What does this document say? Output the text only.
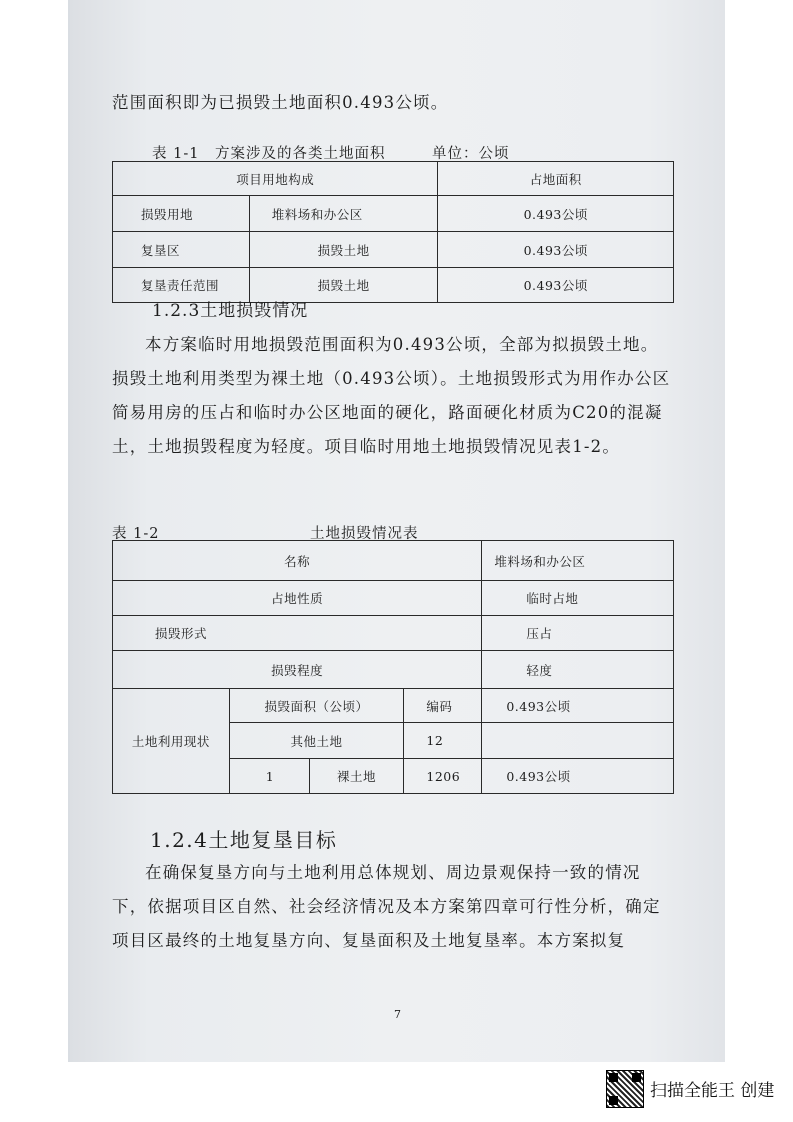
范围面积即为已损毁土地面积0.493公顷。

表 1-1　方案涉及的各类土地面积　　　单位：公顷
项目用地构成		占地面积
损毁用地	堆料场和办公区	0.493公顷
复垦区	损毁土地	0.493公顷
复垦责任范围	损毁土地	0.493公顷
1.2.3土地损毁情况

本方案临时用地损毁范围面积为0.493公顷，全部为拟损毁土地。损毁土地利用类型为裸土地（0.493公顷）。土地损毁形式为用作办公区简易用房的压占和临时办公区地面的硬化，路面硬化材质为C20的混凝土，土地损毁程度为轻度。项目临时用地土地损毁情况见表1-2。

表 1-2	土地损毁情况表
名称				堆料场和办公区
占地性质				临时占地
损毁形式				压占
损毁程度				轻度
土地利用现状	损毁面积（公顷）		编码	0.493公顷
	其他土地		12	
	1	裸土地	1206	0.493公顷
1.2.4土地复垦目标

在确保复垦方向与土地利用总体规划、周边景观保持一致的情况下，依据项目区自然、社会经济情况及本方案第四章可行性分析，确定项目区最终的土地复垦方向、复垦面积及土地复垦率。本方案拟复

7
扫描全能王 创建
